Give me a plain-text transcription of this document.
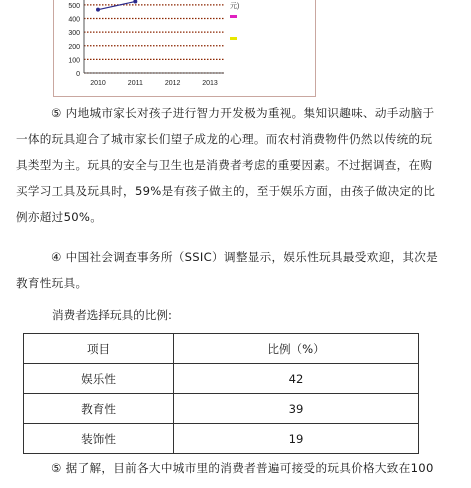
500
400
300
200
100
0
2010	2011	2012	2013
元)
⑤ 内地城市家长对孩子进行智力开发极为重视。集知识趣味、动手动脑于
一体的玩具迎合了城市家长们望子成龙的心理。而农村消费物件仍然以传统的玩
具类型为主。玩具的安全与卫生也是消费者考虑的重要因素。不过据调查，在购
买学习工具及玩具时，59%是有孩子做主的，至于娱乐方面，由孩子做决定的比
例亦超过50%。
④ 中国社会调查事务所（SSIC）调整显示，娱乐性玩具最受欢迎，其次是
教育性玩具。

消费者选择玩具的比例:

项目	比例（%）
娱乐性	42
教育性	39
装饰性	19
⑤ 据了解，目前各大中城市里的消费者普遍可接受的玩具价格大致在100
